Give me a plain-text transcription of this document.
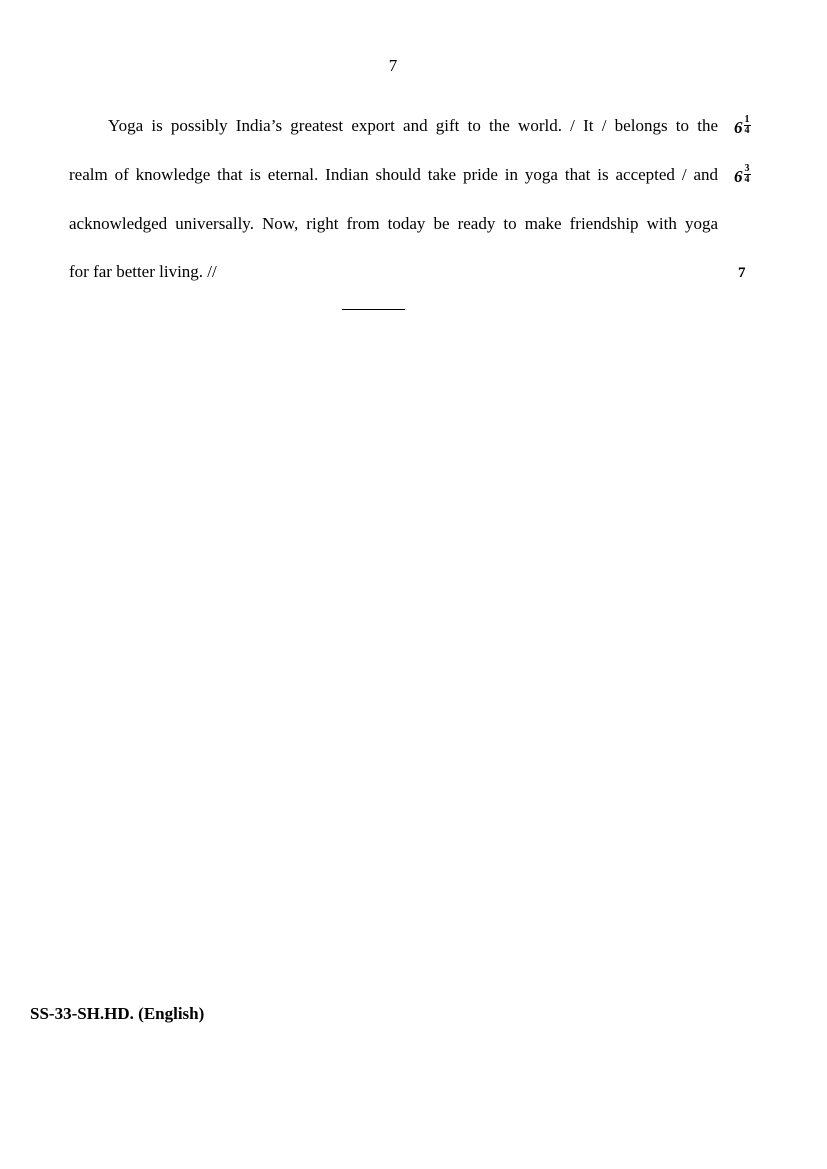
7
Yoga is possibly India’s greatest export and gift to the world. / It / belongs to the
realm of knowledge that is eternal. Indian should take pride in yoga that is accepted / and
acknowledged universally. Now, right from today be ready to make friendship with yoga
for far better living. //
$6 \frac{1}{4}$
$6 \frac{3}{4}$
7
SS-33-SH.HD. (English)
